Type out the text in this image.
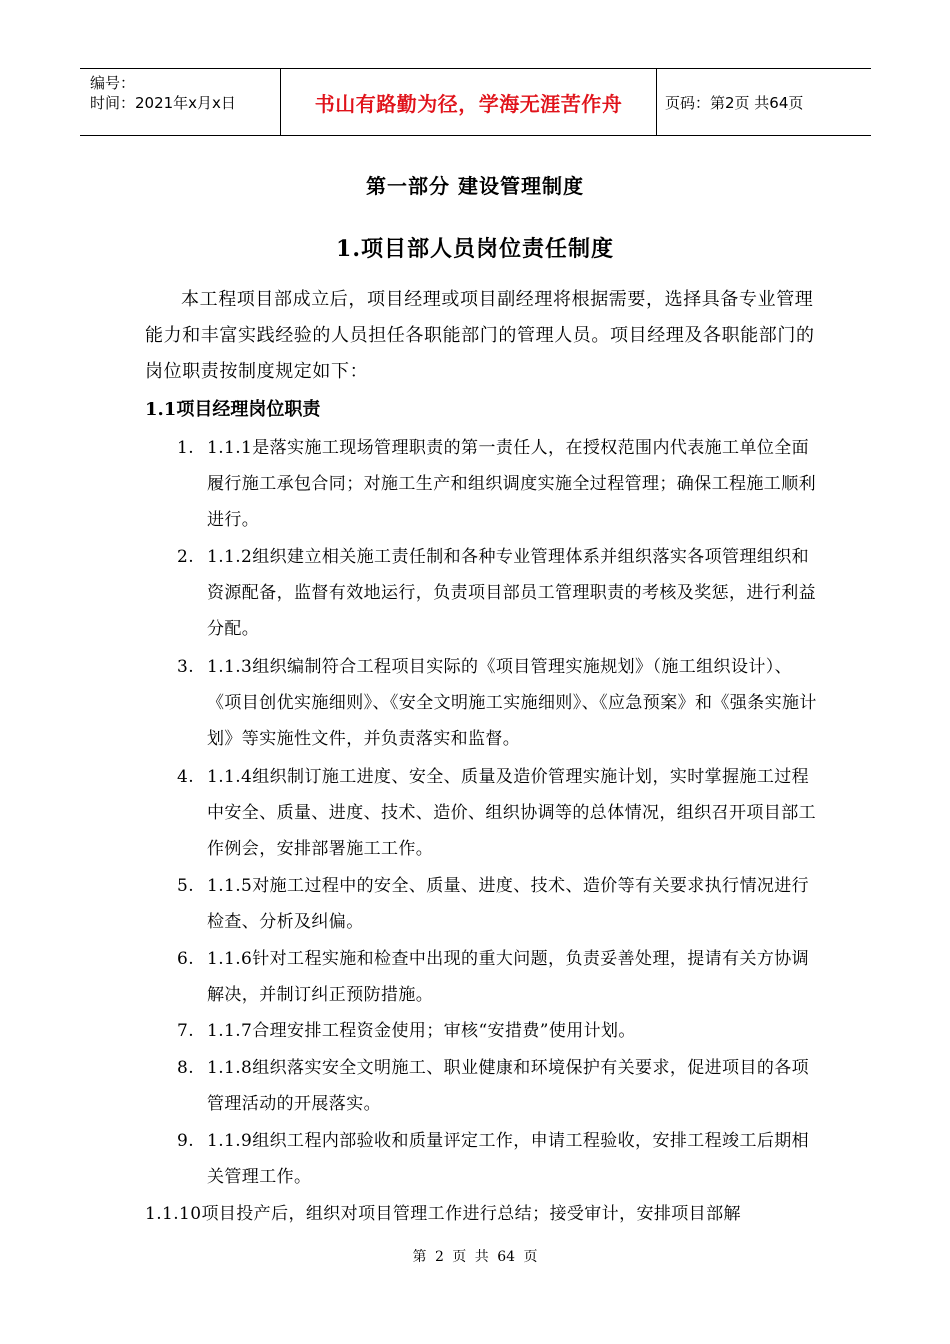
编号：
时间：2021年x月x日	书山有路勤为径，学海无涯苦作舟	页码：第2页 共64页
第一部分 建设管理制度
1.项目部人员岗位责任制度

本工程项目部成立后，项目经理或项目副经理将根据需要，选择具备专业管理能力和丰富实践经验的人员担任各职能部门的管理人员。项目经理及各职能部门的岗位职责按制度规定如下：

1.1项目经理岗位职责
1. 1.1.1是落实施工现场管理职责的第一责任人，在授权范围内代表施工单位全面履行施工承包合同；对施工生产和组织调度实施全过程管理；确保工程施工顺利进行。
2. 1.1.2组织建立相关施工责任制和各种专业管理体系并组织落实各项管理组织和资源配备，监督有效地运行，负责项目部员工管理职责的考核及奖惩，进行利益分配。
3. 1.1.3组织编制符合工程项目实际的《项目管理实施规划》（施工组织设计）、《项目创优实施细则》、《安全文明施工实施细则》、《应急预案》和《强条实施计划》等实施性文件，并负责落实和监督。
4. 1.1.4组织制订施工进度、安全、质量及造价管理实施计划，实时掌握施工过程中安全、质量、进度、技术、造价、组织协调等的总体情况，组织召开项目部工作例会，安排部署施工工作。
5. 1.1.5对施工过程中的安全、质量、进度、技术、造价等有关要求执行情况进行检查、分析及纠偏。
6. 1.1.6针对工程实施和检查中出现的重大问题，负责妥善处理，提请有关方协调解决，并制订纠正预防措施。
7. 1.1.7合理安排工程资金使用；审核“安措费”使用计划。
8. 1.1.8组织落实安全文明施工、职业健康和环境保护有关要求，促进项目的各项管理活动的开展落实。
9. 1.1.9组织工程内部验收和质量评定工作，申请工程验收，安排工程竣工后期相关管理工作。
1.1.10项目投产后，组织对项目管理工作进行总结；接受审计，安排项目部解
第 2 页 共 64 页
